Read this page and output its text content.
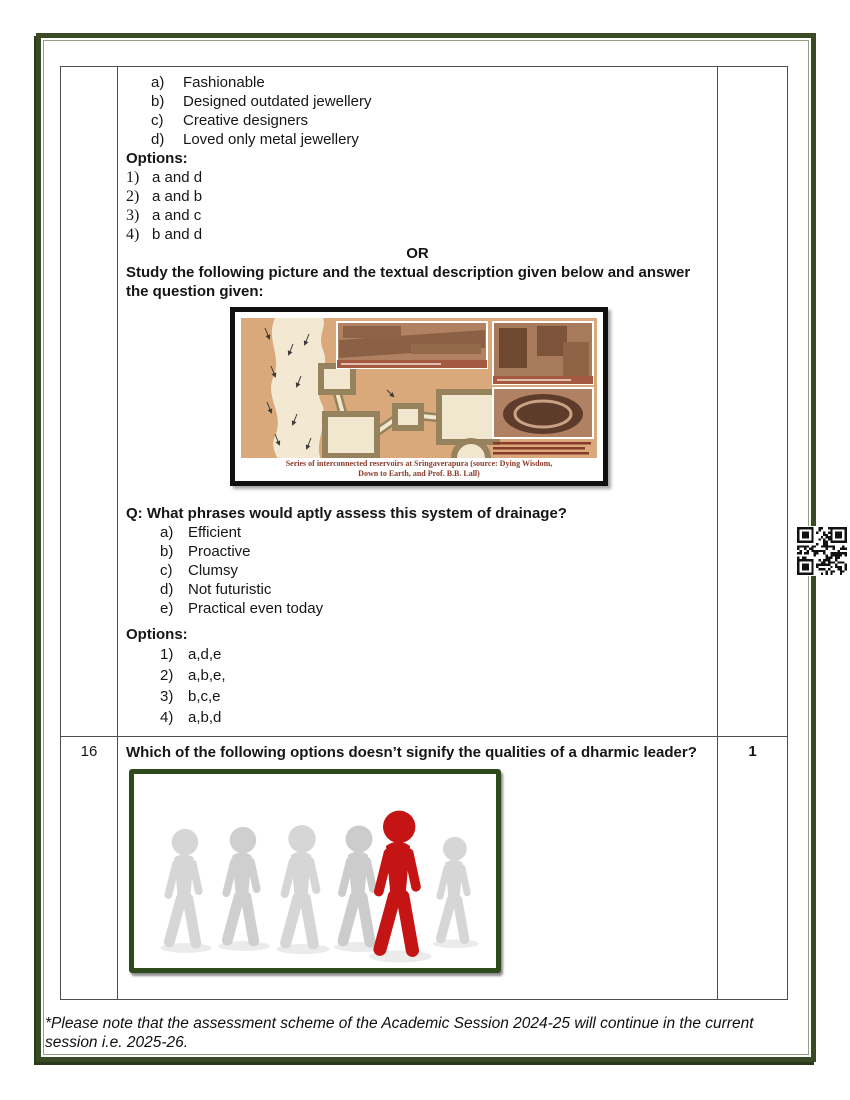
a)	Fashionable
b)	Designed outdated jewellery
c)	Creative designers
d)	Loved only metal jewellery
Options:
1) a and d
2) a and b
3) a and c
4) b and d
OR
Study the following picture and the textual description given below and answer the question given:
Series of interconnected reservoirs at Sringaverapura (source: Dying Wisdom,
Down to Earth, and Prof. B.B. Lall)
Q: What phrases would aptly assess this system of drainage?
a) Efficient
b) Proactive
c)	Clumsy
d) Not futuristic
e) Practical even today
Options:
1) a,d,e
2) a,b,e,
3) b,c,e
4) a,b,d
16	Which of the following options doesn’t signify the qualities of a dharmic leader?	1
*Please note that the assessment scheme of the Academic Session 2024-25 will continue in the current session i.e. 2025-26.
